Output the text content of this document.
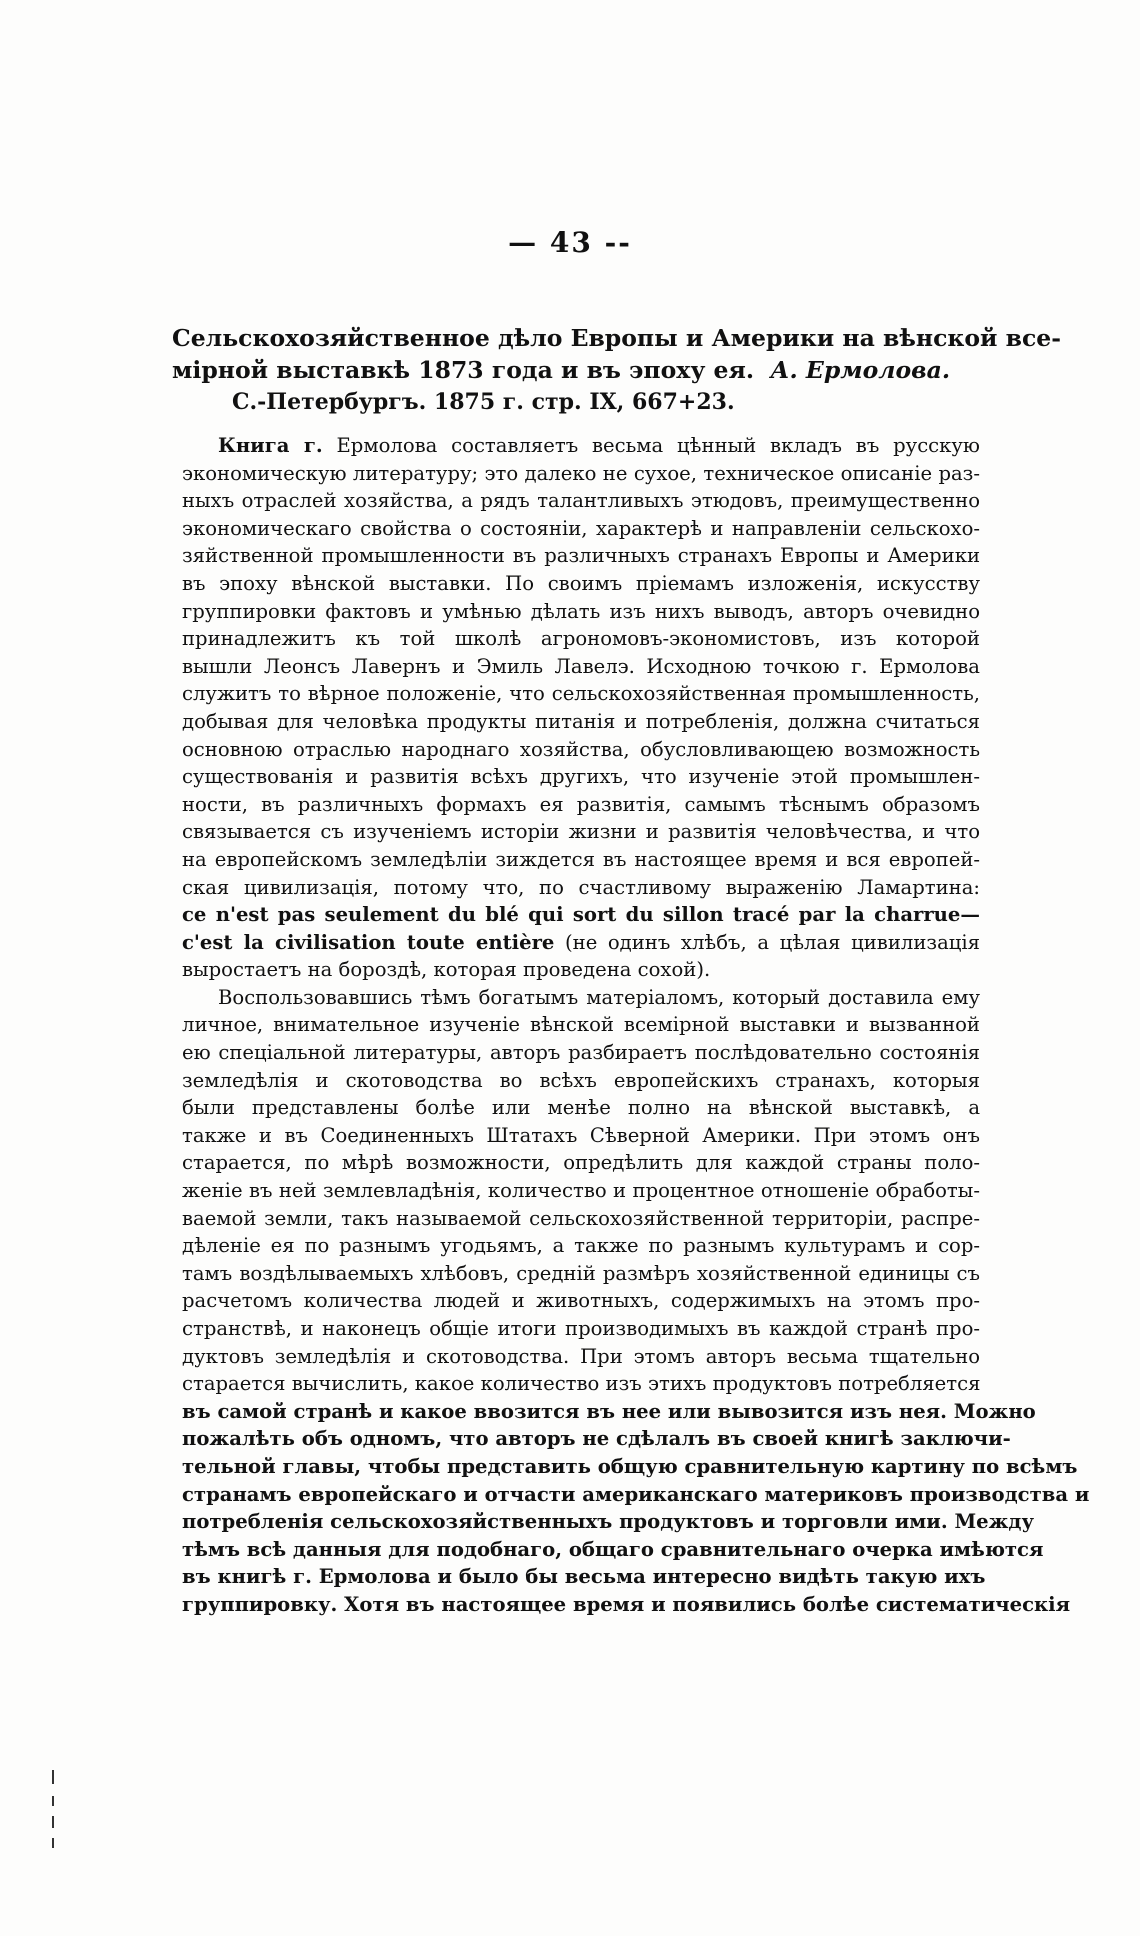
— 43 --
Сельскохозяйственное дѣло Европы и Америки на вѣнской все-
мірной выставкѣ 1873 года и въ эпоху ея. А. Ермолова.
С.-Петербургъ. 1875 г. стр. IX, 667+23.
Книга г. Ермолова составляетъ весьма цѣнный вкладъ въ русскую
экономическую литературу; это далеко не сухое, техническое описаніе раз-
ныхъ отраслей хозяйства, а рядъ талантливыхъ этюдовъ, преимущественно
экономическаго свойства о состояніи, характерѣ и направленіи сельскохо-
зяйственной промышленности въ различныхъ странахъ Европы и Америки
въ эпоху вѣнской выставки. По своимъ пріемамъ изложенія, искусству
группировки фактовъ и умѣнью дѣлать изъ нихъ выводъ, авторъ очевидно
принадлежитъ къ той школѣ агрономовъ-экономистовъ, изъ которой
вышли Леонсъ Лавернъ и Эмиль Лавелэ. Исходною точкою г. Ермолова
служитъ то вѣрное положеніе, что сельскохозяйственная промышленность,
добывая для человѣка продукты питанія и потребленія, должна считаться
основною отраслью народнаго хозяйства, обусловливающею возможность
существованія и развитія всѣхъ другихъ, что изученіе этой промышлен-
ности, въ различныхъ формахъ ея развитія, самымъ тѣснымъ образомъ
связывается съ изученіемъ исторіи жизни и развитія человѣчества, и что
на европейскомъ земледѣліи зиждется въ настоящее время и вся европей-
ская цивилизація, потому что, по счастливому выраженію Ламартина:
ce n'est pas seulement du blé qui sort du sillon tracé par la charrue—
c'est la civilisation toute entière (не одинъ хлѣбъ, а цѣлая цивилизація
выростаетъ на бороздѣ, которая проведена сохой).
Воспользовавшись тѣмъ богатымъ матеріаломъ, который доставила ему
личное, внимательное изученіе вѣнской всемірной выставки и вызванной
ею спеціальной литературы, авторъ разбираетъ послѣдовательно состоянія
земледѣлія и скотоводства во всѣхъ европейскихъ странахъ, которыя
были представлены болѣе или менѣе полно на вѣнской выставкѣ, а
также и въ Соединенныхъ Штатахъ Сѣверной Америки. При этомъ онъ
старается, по мѣрѣ возможности, опредѣлить для каждой страны поло-
женіе въ ней землевладѣнія, количество и процентное отношеніе обработы-
ваемой земли, такъ называемой сельскохозяйственной территоріи, распре-
дѣленіе ея по разнымъ угодьямъ, а также по разнымъ культурамъ и сор-
тамъ воздѣлываемыхъ хлѣбовъ, средній размѣръ хозяйственной единицы съ
расчетомъ количества людей и животныхъ, содержимыхъ на этомъ про-
странствѣ, и наконецъ общіе итоги производимыхъ въ каждой странѣ про-
дуктовъ земледѣлія и скотоводства. При этомъ авторъ весьма тщательно
старается вычислить, какое количество изъ этихъ продуктовъ потребляется
въ самой странѣ и какое ввозится въ нее или вывозится изъ нея. Можно
пожалѣть объ одномъ, что авторъ не сдѣлалъ въ своей книгѣ заключи-
тельной главы, чтобы представить общую сравнительную картину по всѣмъ
странамъ европейскаго и отчасти американскаго материковъ производства и
потребленія сельскохозяйственныхъ продуктовъ и торговли ими. Между
тѣмъ всѣ данныя для подобнаго, общаго сравнительнаго очерка имѣются
въ книгѣ г. Ермолова и было бы весьма интересно видѣть такую ихъ
группировку. Хотя въ настоящее время и появились болѣе систематическія
